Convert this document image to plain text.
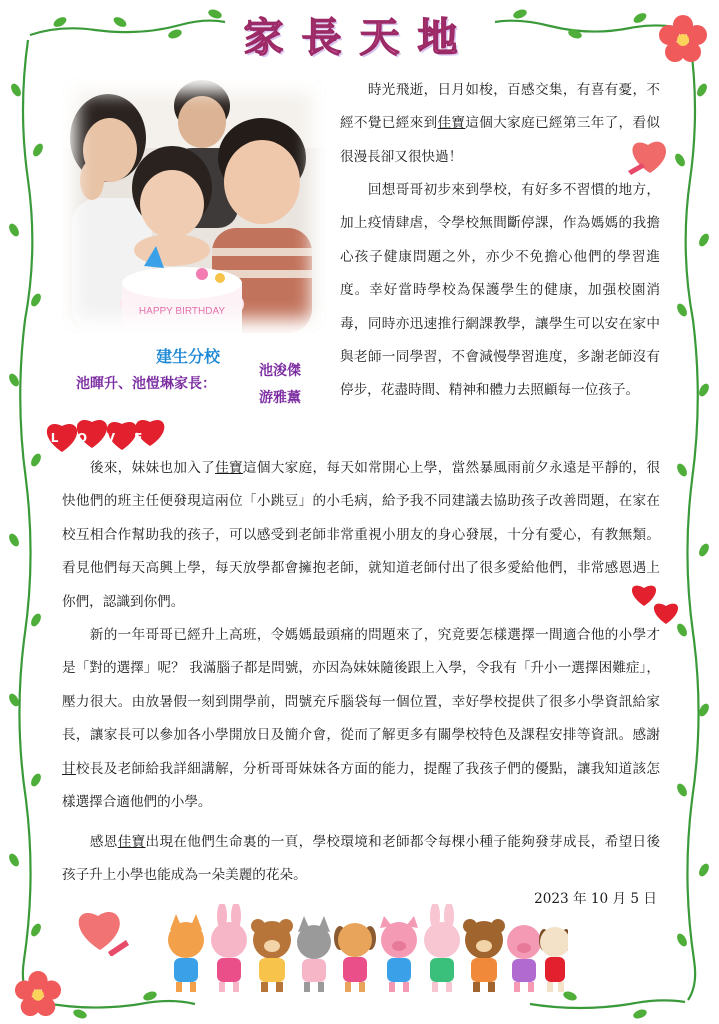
家長天地
HAPPY BIRTHDAY
建生分校
池暉升、池愷琳家長：
池浚傑
游雅薰
LOVE

　　時光飛逝，日月如梭，百感交集，有喜有憂，不經不覺已經來到佳寶這個大家庭已經第三年了，看似很漫長卻又很快過！

　　回想哥哥初步來到學校，有好多不習慣的地方，加上疫情肆虐，令學校無間斷停課，作為媽媽的我擔心孩子健康問題之外，亦少不免擔心他們的學習進度。幸好當時學校為保護學生的健康，加强校園消毒，同時亦迅速推行網課教學，讓學生可以安在家中與老師一同學習，不會減慢學習進度，多謝老師沒有停步，花盡時間、精神和體力去照顧每一位孩子。

　　後來，妹妹也加入了佳寶這個大家庭，每天如常開心上學，當然暴風雨前夕永遠是平靜的，很快他們的班主任便發現這兩位「小跳豆」的小毛病，給予我不同建議去協助孩子改善問題，在家在校互相合作幫助我的孩子，可以感受到老師非常重視小朋友的身心發展，十分有愛心，有教無類。看見他們每天高興上學，每天放學都會擁抱老師，就知道老師付出了很多愛給他們，非常感恩遇上你們，認識到你們。

　　新的一年哥哥已經升上高班，令媽媽最頭痛的問題來了，究竟要怎樣選擇一間適合他的小學才是「對的選擇」呢？ 我滿腦子都是問號，亦因為妹妹隨後跟上入學，令我有「升小一選擇困難症」，壓力很大。由放暑假一刻到開學前，問號充斥腦袋每一個位置，幸好學校提供了很多小學資訊給家長，讓家長可以參加各小學開放日及簡介會，從而了解更多有關學校特色及課程安排等資訊。感謝甘校長及老師給我詳細講解，分析哥哥妹妹各方面的能力，提醒了我孩子們的優點，讓我知道該怎樣選擇合適他們的小學。

　　感恩佳寶出現在他們生命裏的一頁，學校環境和老師都令每棵小種子能夠發芽成長，希望日後孩子升上小學也能成為一朵美麗的花朵。

2023 年 10 月 5 日
